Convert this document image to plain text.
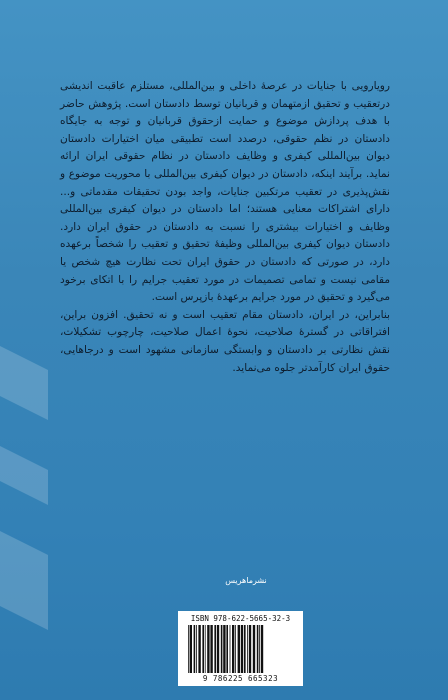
رویارویی با جنایات در عرصهٔ داخلی و بین‌المللی، مستلزم عاقبت اندیشی درتعقیب و تحقیق ازمتهمان و قربانیان توسط دادستان است. پژوهش حاضر با هدف پردازش موضوع و حمایت ازحقوق قربانیان و توجه به جایگاه دادستان در نظم حقوقی، درصدد است تطبیقی میان اختیارات دادستان دیوان بین‌المللی کیفری و وظایف دادستان در نظام حقوقی ایران ارائه نماید. برآیند اینکه، دادستان در دیوان کیفری بین‌المللی با محوریت موضوع و نقش‌پذیری در تعقیب مرتکبین جنایات، واجد بودن تحقیقات مقدماتی و... دارای اشتراکات معنایی هستند؛ اما دادستان در دیوان کیفری بین‌المللی وظایف و اختیارات بیشتری را نسبت به دادستان در حقوق ایران دارد. دادستان دیوان کیفری بین‌المللی وظیفهٔ تحقیق و تعقیب را شخصاً برعهده دارد، در صورتی که دادستان در حقوق ایران تحت نظارت هیچ شخص یا مقامی نیست و تمامی تصمیمات در مورد تعقیب جرایم را با اتکای برخود می‌گیرد و تحقیق در مورد جرایم برعهدهٔ بازپرس است.

بنابراین، در ایران، دادستان مقام تعقیب است و نه تحقیق. افزون براین، افتراقاتی در گسترهٔ صلاحیت، نحوهٔ اعمال صلاحیت، چارچوب تشکیلات، نقش نظارتی بر دادستان و وابستگی سازمانی مشهود است و درجاهایی، حقوق ایران کارآمدتر جلوه می‌نماید.

نشرماهریس
ISBN 978-622-5665-32-3
9 786225 665323
